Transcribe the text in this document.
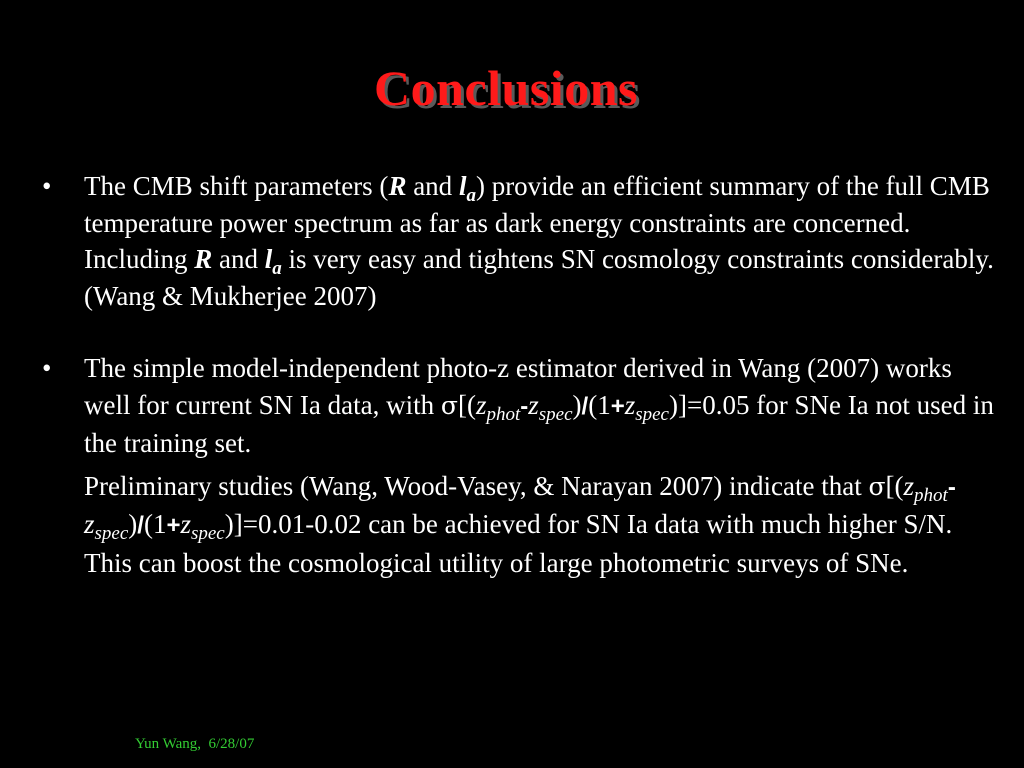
Conclusions
• The CMB shift parameters (R and $l_a$) provide an efficient summary of the full CMB temperature power spectrum as far as dark energy constraints are concerned. Including R and $l_a$ is very easy and tightens SN cosmology constraints considerably. (Wang & Mukherjee 2007)
• The simple model-independent photo-z estimator derived in Wang (2007) works well for current SN Ia data, with $\sigma[(z_{phot}-z_{spec})/(1+z_{spec})]=0.05$ for SNe Ia not used in the training set.
Preliminary studies (Wang, Wood-Vasey, & Narayan 2007) indicate that $\sigma[(z_{phot}-z_{spec})/(1+z_{spec})]=0.01-0.02$ can be achieved for SN Ia data with much higher S/N. This can boost the cosmological utility of large photometric surveys of SNe.
Yun Wang,  6/28/07
